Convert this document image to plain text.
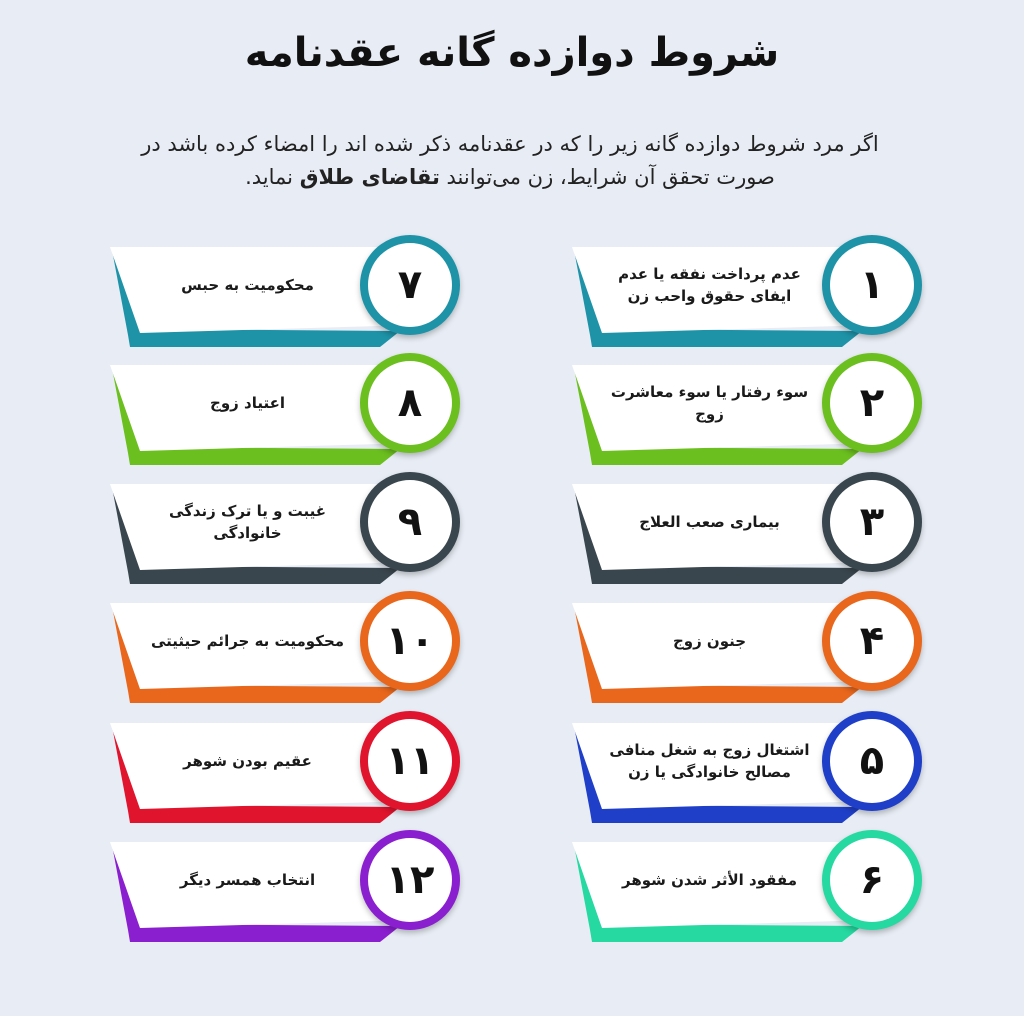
شروط دوازده گانه عقدنامه
اگر مرد شروط دوازده گانه زیر را که در عقدنامه ذکر شده اند را امضاء کرده باشد در صورت تحقق آن شرایط، زن می‌توانند تقاضای طلاق نماید.
عدم پرداخت نفقه یا عدم ایفای حقوق واحب زن	۱
سوء رفتار یا سوء معاشرت زوج	۲
بیماری صعب العلاج	۳
جنون زوج	۴
اشتغال زوج به شغل منافی مصالح خانوادگی یا زن	۵
مفقود الأثر شدن شوهر	۶
محکومیت به حبس	۷
اعتیاد زوج	۸
غیبت و یا ترک زندگی خانوادگی	۹
محکومیت به جرائم حیثیتی	۱۰
عقیم بودن شوهر	۱۱
انتخاب همسر دیگر	۱۲
